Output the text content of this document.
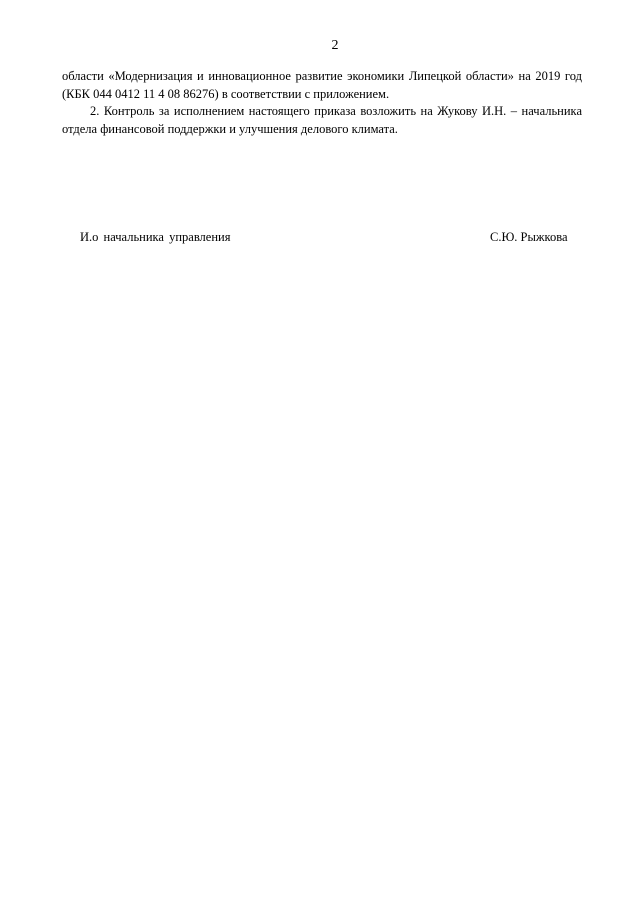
2

области «Модернизация и инновационное развитие экономики Липецкой области» на 2019 год (КБК 044 0412 11 4 08 86276) в соответствии с приложением.

2. Контроль за исполнением настоящего приказа возложить на Жукову И.Н. – начальника отдела финансовой поддержки и улучшения делового климата.

И.о начальника управления	С.Ю. Рыжкова
